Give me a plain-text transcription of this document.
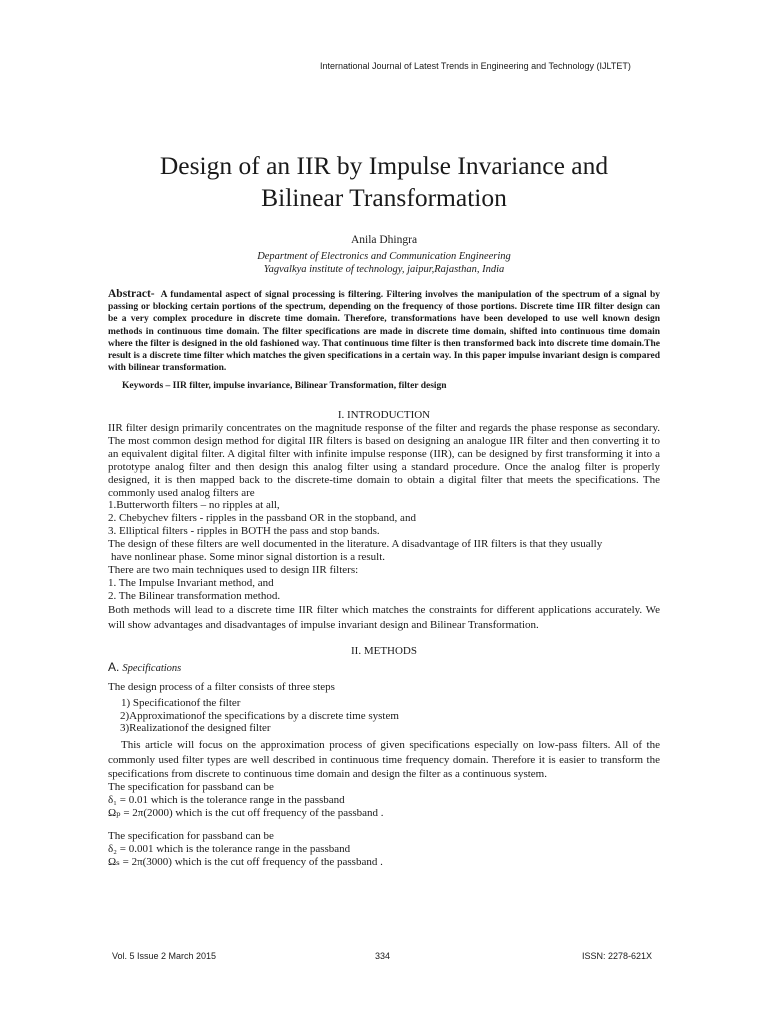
International Journal of Latest Trends in Engineering and Technology (IJLTET)
Design of an IIR by Impulse Invariance and
Bilinear Transformation
Anila Dhingra
Department of Electronics and Communication Engineering
Yagvalkya institute of technology, jaipur,Rajasthan, India
Abstract- A fundamental aspect of signal processing is filtering. Filtering involves the manipulation of the spectrum of a signal by passing or blocking certain portions of the spectrum, depending on the frequency of those portions. Discrete time IIR filter design can be a very complex procedure in discrete time domain. Therefore, transformations have been developed to use well known design methods in continuous time domain. The filter specifications are made in discrete time domain, shifted into continuous time domain where the filter is designed in the old fashioned way. That continuous time filter is then transformed back into discrete time domain.The result is a discrete time filter which matches the given specifications in a certain way. In this paper impulse invariant design is compared with bilinear transformation.
Keywords – IIR filter, impulse invariance, Bilinear Transformation, filter design
I. INTRODUCTION
IIR filter design primarily concentrates on the magnitude response of the filter and regards the phase response as secondary. The most common design method for digital IIR filters is based on designing an analogue IIR filter and then converting it to an equivalent digital filter. A digital filter with infinite impulse response (IIR), can be designed by first transforming it into a prototype analog filter and then design this analog filter using a standard procedure. Once the analog filter is properly designed, it is then mapped back to the discrete-time domain to obtain a digital filter that meets the specifications. The commonly used analog filters are
1.Butterworth filters – no ripples at all,
2. Chebychev filters - ripples in the passband OR in the stopband, and
3. Elliptical filters - ripples in BOTH the pass and stop bands.
The design of these filters are well documented in the literature. A disadvantage of IIR filters is that they usually
have nonlinear phase. Some minor signal distortion is a result.
There are two main techniques used to design IIR filters:
1. The Impulse Invariant method, and
2. The Bilinear transformation method.
Both methods will lead to a discrete time IIR filter which matches the constraints for different applications accurately. We will show advantages and disadvantages of impulse invariant design and Bilinear Transformation.
II. METHODS
A. Specifications
The design process of a filter consists of three steps
1) Specificationof the filter
2)Approximationof the specifications by a discrete time system
3)Realizationof the designed filter
This article will focus on the approximation process of given specifications especially on low-pass filters. All of the commonly used filter types are well described in continuous time frequency domain. Therefore it is easier to transform the specifications from discrete to continuous time domain and design the filter as a continuous system.
The specification for passband can be
δ₁ = 0.01 which is the tolerance range in the passband
Ωₚ = 2π(2000) which is the cut off frequency of the passband .
The specification for passband can be
δ₂ = 0.001 which is the tolerance range in the passband
Ωₛ = 2π(3000) which is the cut off frequency of the passband .
Vol. 5 Issue 2 March 2015	334	ISSN: 2278-621X
